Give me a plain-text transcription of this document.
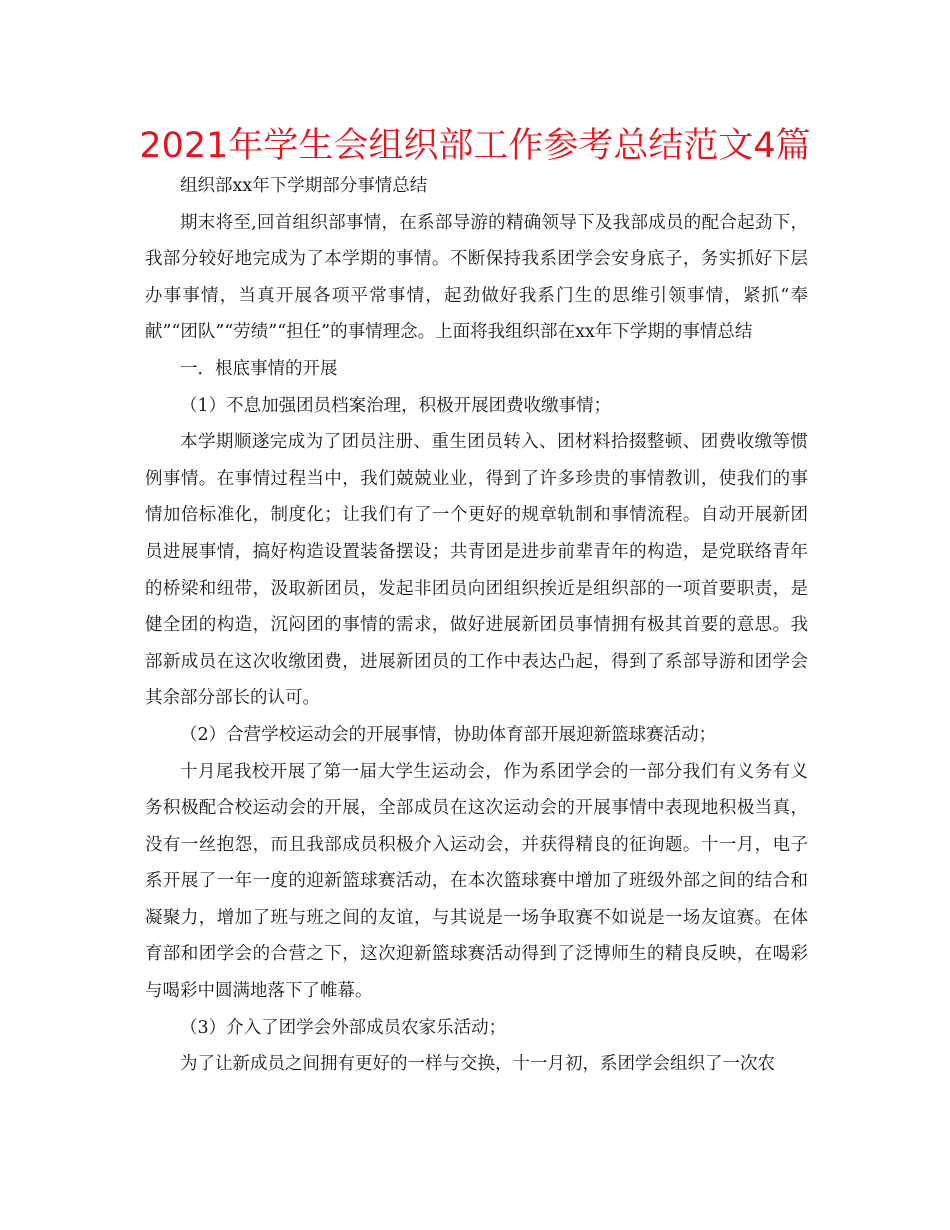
2021年学生会组织部工作参考总结范文4篇

组织部xx年下学期部分事情总结

期末将至,回首组织部事情，在系部导游的精确领导下及我部成员的配合起劲下，我部分较好地完成为了本学期的事情。不断保持我系团学会安身底子，务实抓好下层办事事情，当真开展各项平常事情，起劲做好我系门生的思维引领事情，紧抓“奉献”“团队”“劳绩”“担任”的事情理念。上面将我组织部在xx年下学期的事情总结

一．根底事情的开展

（1）不息加强团员档案治理，积极开展团费收缴事情；

本学期顺遂完成为了团员注册、重生团员转入、团材料拾掇整顿、团费收缴等惯例事情。在事情过程当中，我们兢兢业业，得到了许多珍贵的事情教训，使我们的事情加倍标准化，制度化；让我们有了一个更好的规章轨制和事情流程。自动开展新团员进展事情，搞好构造设置装备摆设；共青团是进步前辈青年的构造，是党联络青年的桥梁和纽带，汲取新团员，发起非团员向团组织挨近是组织部的一项首要职责，是健全团的构造，沉闷团的事情的需求，做好进展新团员事情拥有极其首要的意思。我部新成员在这次收缴团费，进展新团员的工作中表达凸起，得到了系部导游和团学会其余部分部长的认可。

（2）合营学校运动会的开展事情，协助体育部开展迎新篮球赛活动；

十月尾我校开展了第一届大学生运动会，作为系团学会的一部分我们有义务有义务积极配合校运动会的开展，全部成员在这次运动会的开展事情中表现地积极当真，没有一丝抱怨，而且我部成员积极介入运动会，并获得精良的征询题。十一月，电子系开展了一年一度的迎新篮球赛活动，在本次篮球赛中增加了班级外部之间的结合和凝聚力，增加了班与班之间的友谊，与其说是一场争取赛不如说是一场友谊赛。在体育部和团学会的合营之下，这次迎新篮球赛活动得到了泛博师生的精良反映，在喝彩与喝彩中圆满地落下了帷幕。

（3）介入了团学会外部成员农家乐活动；

为了让新成员之间拥有更好的一样与交换，十一月初，系团学会组织了一次农
